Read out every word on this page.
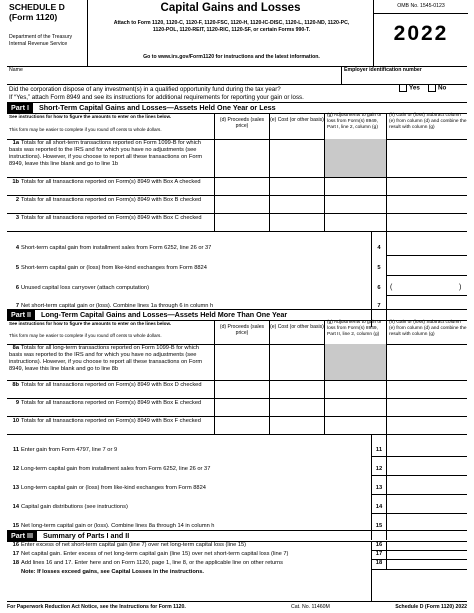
SCHEDULE D
(Form 1120)
Department of the Treasury
Internal Revenue Service
Capital Gains and Losses
Attach to Form 1120, 1120-C, 1120-F, 1120-FSC, 1120-H, 1120-IC-DISC, 1120-L, 1120-ND, 1120-PC,
1120-POL, 1120-REIT, 1120-RIC, 1120-SF, or certain Forms 990-T.
Go to www.irs.gov/Form1120 for instructions and the latest information.
OMB No. 1545-0123
2022
Name	Employer identification number
Did the corporation dispose of any investment(s) in a qualified opportunity fund during the tax year?
If “Yes,” attach Form 8949 and see its instructions for additional requirements for reporting your gain or loss.
Yes	No
Part I Short-Term Capital Gains and Losses—Assets Held One Year or Less
See instructions for how to figure the amounts to enter on the lines below.
This form may be easier to complete if you round off cents to whole dollars.
(d) Proceeds (sales price)
(e) Cost (or other basis)
(g) Adjustments to gain or loss from Form(s) 8949, Part I, line 2, column (g)
(h) Gain or (loss) Subtract column (e) from column (d) and combine the result with column (g)
1a Totals for all short-term transactions reported on Form 1099-B for which basis was reported to the IRS and for which you have no adjustments (see instructions). However, if you choose to report all these transactions on Form 8949, leave this line blank and go to line 1b
1b Totals for all transactions reported on Form(s) 8949 with Box A checked
2 Totals for all transactions reported on Form(s) 8949 with Box B checked
3 Totals for all transactions reported on Form(s) 8949 with Box C checked
4 Short-term capital gain from installment sales from Form 6252, line 26 or 37	4
5 Short-term capital gain or (loss) from like-kind exchanges from Form 8824	5
6 Unused capital loss carryover (attach computation)	6	(	)
7 Net short-term capital gain or (loss). Combine lines 1a through 6 in column h	7
Part II Long-Term Capital Gains and Losses—Assets Held More Than One Year
See instructions for how to figure the amounts to enter on the lines below.
This form may be easier to complete if you round off cents to whole dollars.
(d) Proceeds (sales price)
(e) Cost (or other basis)
(g) Adjustments to gain or loss from Form(s) 8949, Part II, line 2, column (g)
(h) Gain or (loss) Subtract column (e) from column (d) and combine the result with column (g)
8a Totals for all long-term transactions reported on Form 1099-B for which basis was reported to the IRS and for which you have no adjustments (see instructions). However, if you choose to report all these transactions on Form 8949, leave this line blank and go to line 8b
8b Totals for all transactions reported on Form(s) 8949 with Box D checked
9 Totals for all transactions reported on Form(s) 8949 with Box E checked
10 Totals for all transactions reported on Form(s) 8949 with Box F checked
11 Enter gain from Form 4797, line 7 or 9	11
12 Long-term capital gain from installment sales from Form 6252, line 26 or 37	12
13 Long-term capital gain or (loss) from like-kind exchanges from Form 8824	13
14 Capital gain distributions (see instructions)	14
15 Net long-term capital gain or (loss). Combine lines 8a through 14 in column h	15
Part III Summary of Parts I and II
16 Enter excess of net short-term capital gain (line 7) over net long-term capital loss (line 15)	16
17 Net capital gain. Enter excess of net long-term capital gain (line 15) over net short-term capital loss (line 7)	17
18 Add lines 16 and 17. Enter here and on Form 1120, page 1, line 8, or the applicable line on other returns	18
Note: If losses exceed gains, see Capital Losses in the instructions.
For Paperwork Reduction Act Notice, see the Instructions for Form 1120.	Cat. No. 11460M	Schedule D (Form 1120) 2022
